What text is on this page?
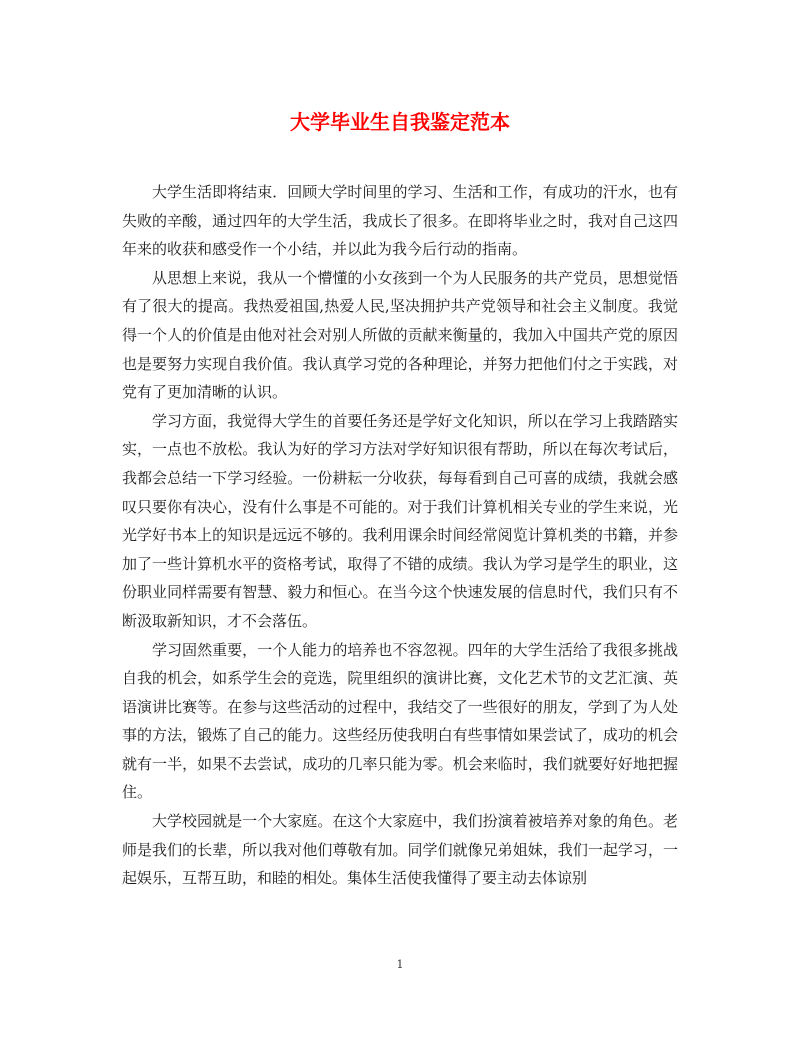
大学毕业生自我鉴定范本

大学生活即将结束．回顾大学时间里的学习、生活和工作，有成功的汗水，也有失败的辛酸，通过四年的大学生活，我成长了很多。在即将毕业之时，我对自己这四年来的收获和感受作一个小结，并以此为我今后行动的指南。

从思想上来说，我从一个懵懂的小女孩到一个为人民服务的共产党员，思想觉悟有了很大的提高。我热爱祖国,热爱人民,坚决拥护共产党领导和社会主义制度。我觉得一个人的价值是由他对社会对别人所做的贡献来衡量的，我加入中国共产党的原因也是要努力实现自我价值。我认真学习党的各种理论，并努力把他们付之于实践，对党有了更加清晰的认识。

学习方面，我觉得大学生的首要任务还是学好文化知识，所以在学习上我踏踏实实，一点也不放松。我认为好的学习方法对学好知识很有帮助，所以在每次考试后，我都会总结一下学习经验。一份耕耘一分收获，每每看到自己可喜的成绩，我就会感叹只要你有决心，没有什么事是不可能的。对于我们计算机相关专业的学生来说，光光学好书本上的知识是远远不够的。我利用课余时间经常阅览计算机类的书籍，并参加了一些计算机水平的资格考试，取得了不错的成绩。我认为学习是学生的职业，这份职业同样需要有智慧、毅力和恒心。在当今这个快速发展的信息时代，我们只有不断汲取新知识，才不会落伍。

学习固然重要，一个人能力的培养也不容忽视。四年的大学生活给了我很多挑战自我的机会，如系学生会的竞选，院里组织的演讲比赛，文化艺术节的文艺汇演、英语演讲比赛等。在参与这些活动的过程中，我结交了一些很好的朋友，学到了为人处事的方法，锻炼了自己的能力。这些经历使我明白有些事情如果尝试了，成功的机会就有一半，如果不去尝试，成功的几率只能为零。机会来临时，我们就要好好地把握住。

大学校园就是一个大家庭。在这个大家庭中，我们扮演着被培养对象的角色。老师是我们的长辈，所以我对他们尊敬有加。同学们就像兄弟姐妹，我们一起学习，一起娱乐，互帮互助，和睦的相处。集体生活使我懂得了要主动去体谅别

1
